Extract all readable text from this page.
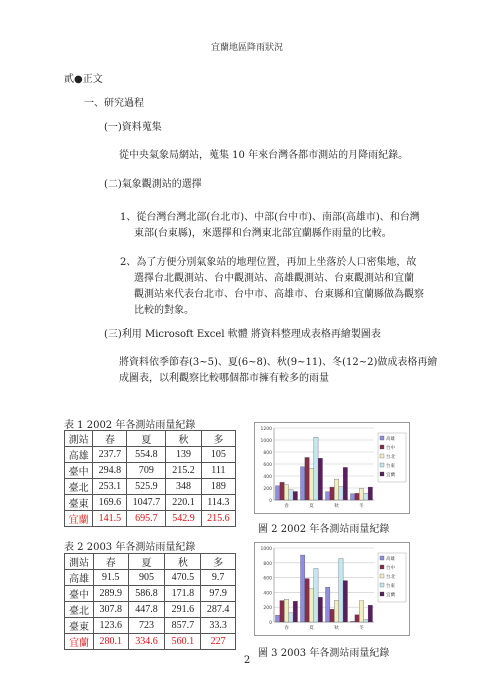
宜蘭地區降雨狀況
貳●正文
一、研究過程
(一)資料蒐集
從中央氣象局網站，蒐集 10 年來台灣各都市測站的月降雨紀錄。
(二)氣象觀測站的選擇
1、從台灣台灣北部(台北市)、中部(台中市)、南部(高雄市)、和台灣
東部(台東縣)，來選擇和台灣東北部宜蘭縣作雨量的比較。
2、為了方便分別氣象站的地理位置，再加上坐落於人口密集地，故
選擇台北觀測站、台中觀測站、高雄觀測站、台東觀測站和宜蘭
觀測站來代表台北市、台中市、高雄市、台東縣和宜蘭縣做為觀察
比較的對象。
(三)利用 Microsoft Excel 軟體 將資料整理成表格再繪製圖表
將資料依季節春(3~5)、夏(6~8)、秋(9~11)、冬(12~2)做成表格再繪
成圖表，以利觀察比較哪個都市擁有較多的雨量
表 1 2002 年各測站雨量紀錄
測站	春	夏	秋	多
高雄	237.7	554.8	139	105
臺中	294.8	709	215.2	111
臺北	253.1	525.9	348	189
臺東	169.6	1047.7	220.1	114.3
宜蘭	141.5	695.7	542.9	215.6
表 2 2003 年各測站雨量紀錄
測站	春	夏	秋	多
高雄	91.5	905	470.5	9.7
臺中	289.9	586.8	171.8	97.9
臺北	307.8	447.8	291.6	287.4
臺東	123.6	723	857.7	33.3
宜蘭	280.1	334.6	560.1	227
0
200
400
600
800
1000
1200
春	夏	秋	冬
高雄
台中
台北
台東
宜蘭
圖 2 2002 年各測站雨量紀錄
0
200
400
600
800
1000
春	夏	秋	冬
高雄
台中
台北
台東
宜蘭
圖 3 2003 年各測站雨量紀錄
2
